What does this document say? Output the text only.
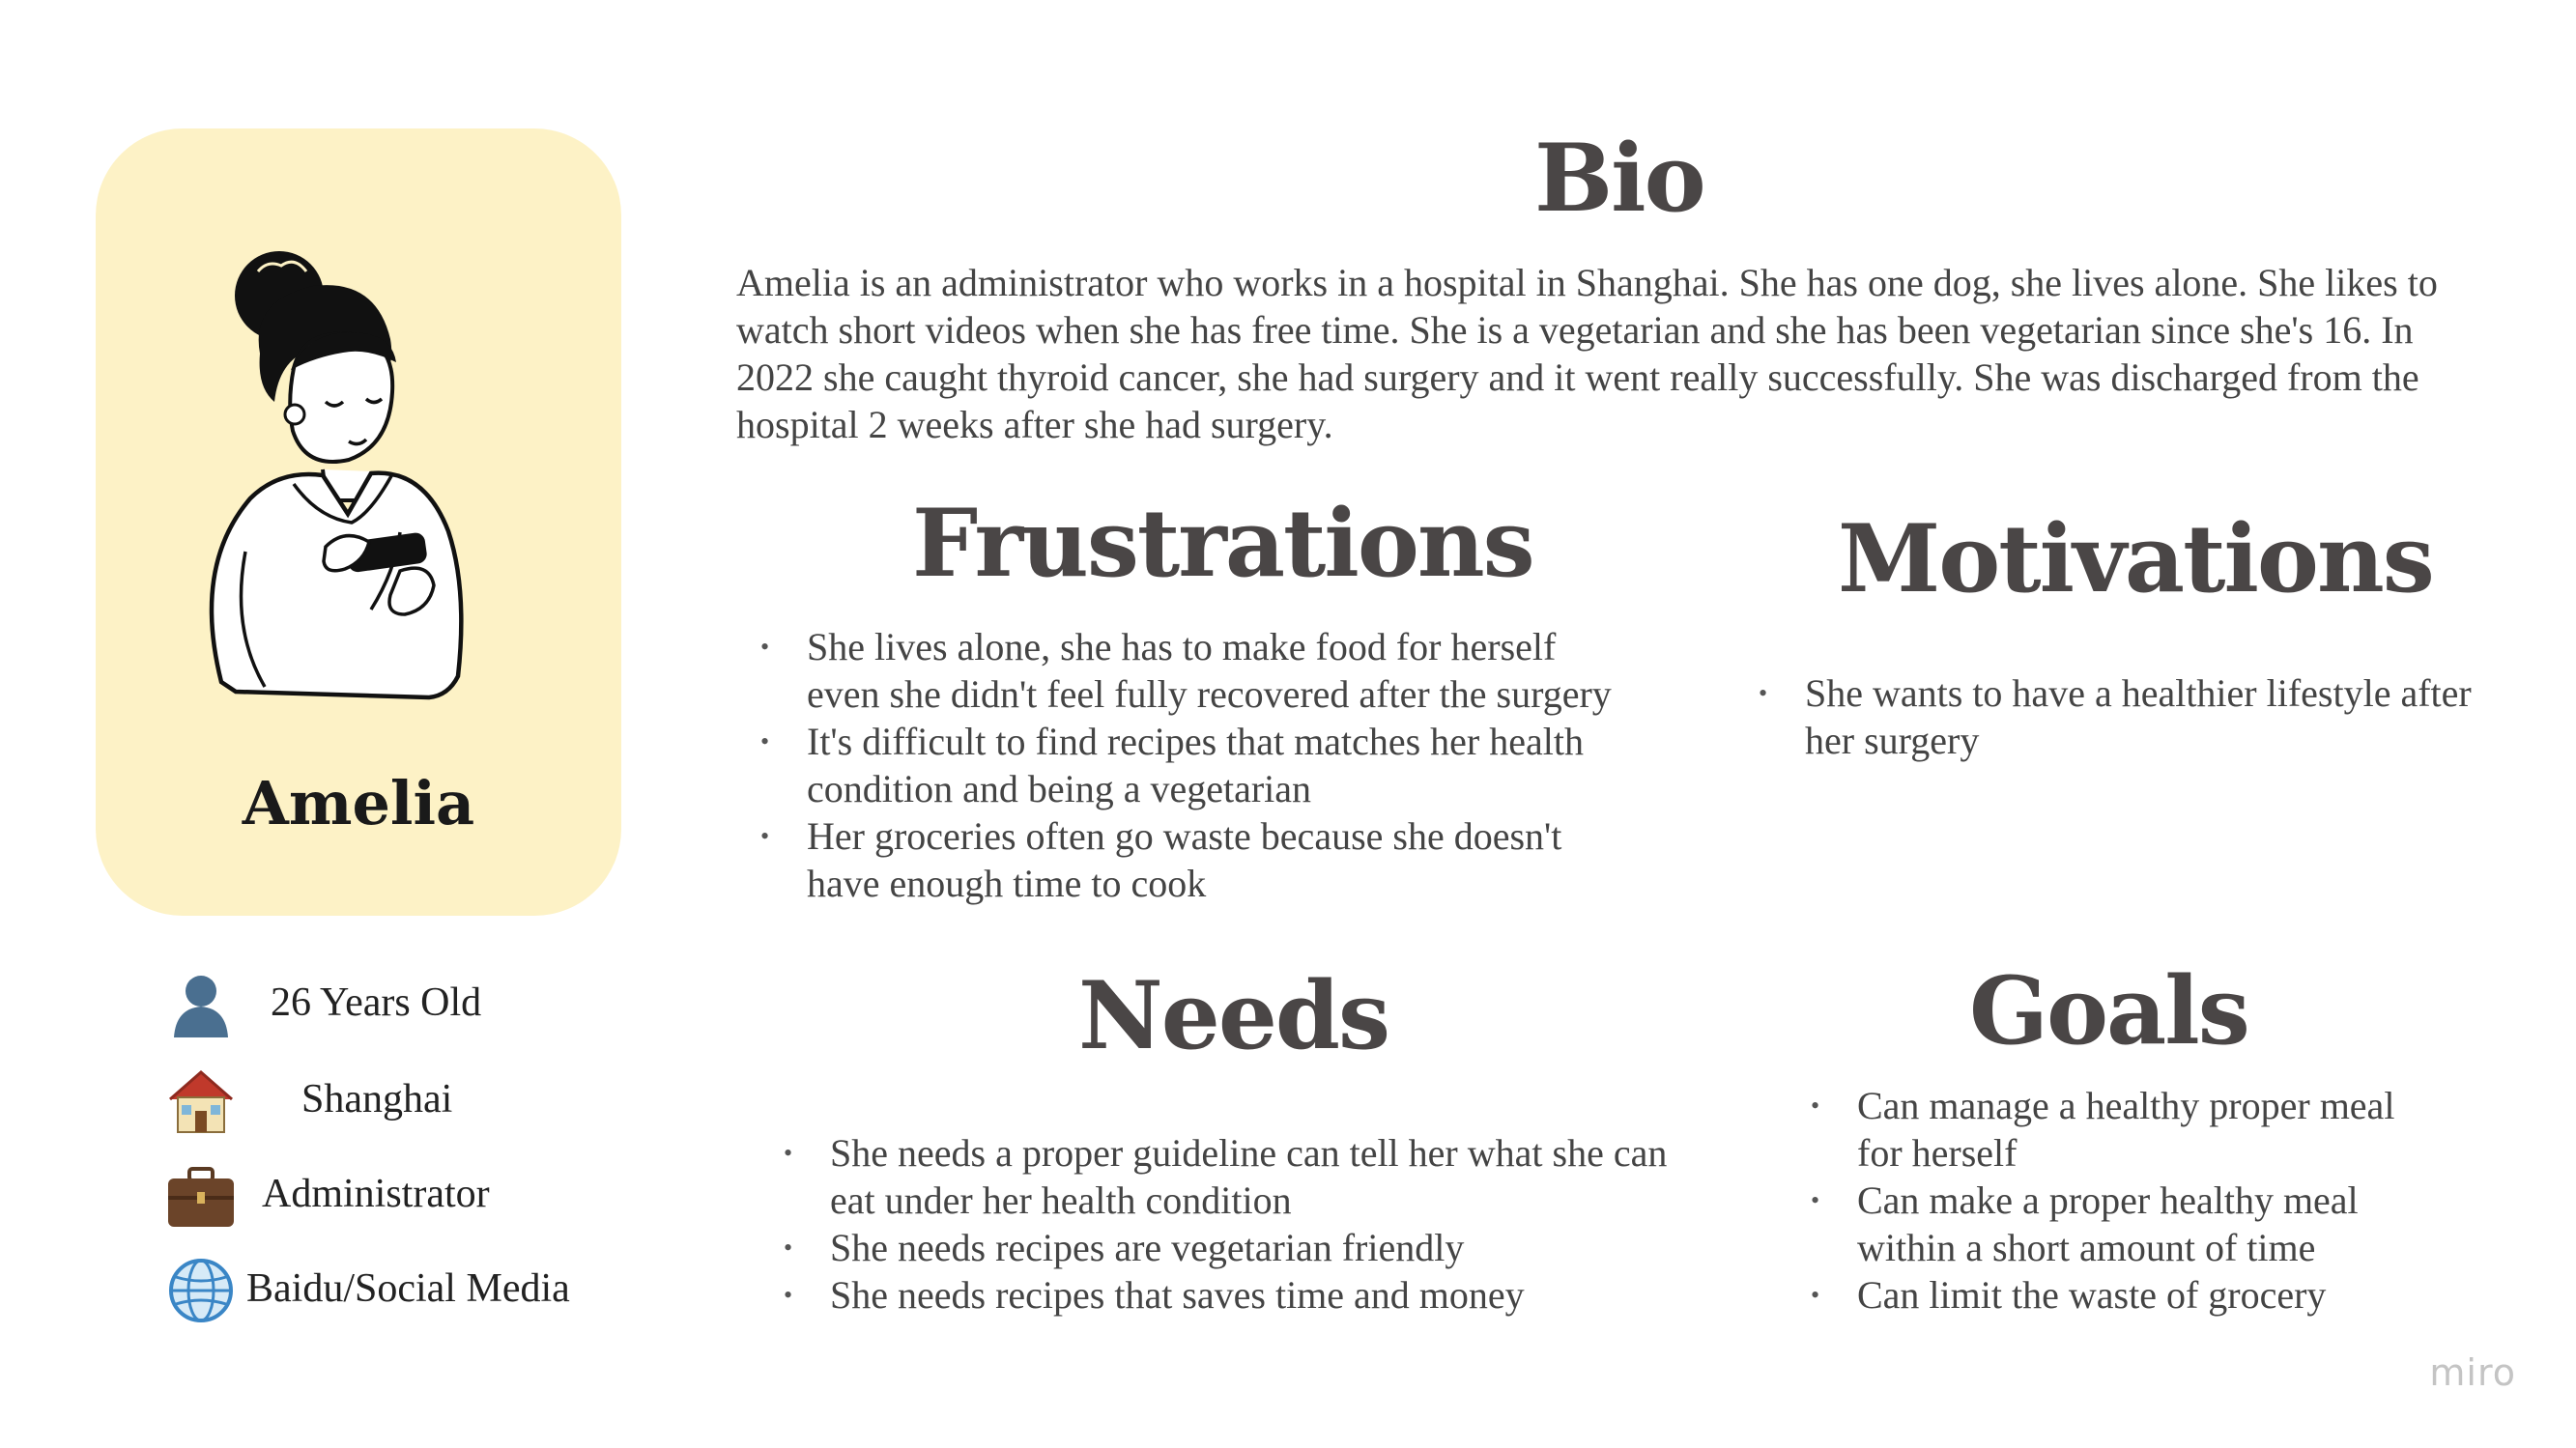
Amelia
26 Years Old
Shanghai
Administrator
Baidu/Social Media
Bio
Amelia is an administrator who works in a hospital in Shanghai. She has one dog, she lives alone. She likes to watch short videos when she has free time. She is a vegetarian and she has been vegetarian since she's 16. In 2022 she caught thyroid cancer, she had surgery and it went really successfully. She was discharged from the hospital 2 weeks after she had surgery.
Frustrations
• She lives alone, she has to make food for herself even she didn't feel fully recovered after the surgery
• It's difficult to find recipes that matches her health condition and being a vegetarian
• Her groceries often go waste because she doesn't have enough time to cook
Motivations
• She wants to have a healthier lifestyle after her surgery
Needs
• She needs a proper guideline can tell her what she can eat under her health condition
• She needs recipes are vegetarian friendly
• She needs recipes that saves time and money
Goals
• Can manage a healthy proper meal for herself
• Can make a proper healthy meal within a short amount of time
• Can limit the waste of grocery
miro
